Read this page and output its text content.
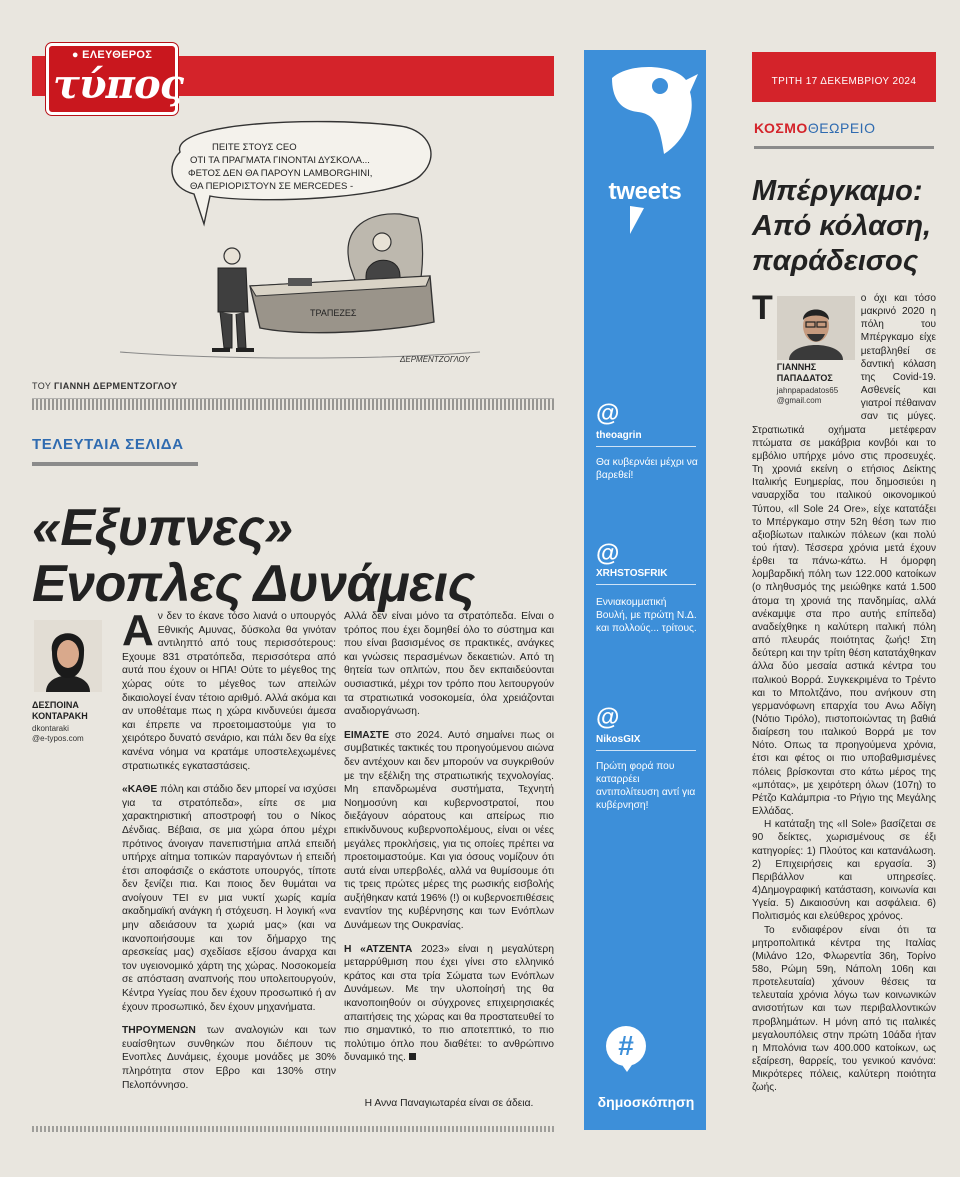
● ΕΛΕΥΘΕΡΟΣ
τύπος
ΠΕΙΤΕ ΣΤΟΥΣ CEO
ΟΤΙ ΤΑ ΠΡΑΓΜΑΤΑ ΓΙΝΟΝΤΑΙ ΔΥΣΚΟΛΑ...
ΦΕΤΟΣ ΔΕΝ ΘΑ ΠΑΡΟΥΝ LAMBORGHINI,
ΘΑ ΠΕΡΙΟΡΙΣΤΟΥΝ ΣΕ MERCEDES -
ΤΡΑΠΕΖΕΣ
ΔΕΡΜΕΝΤΖΟΓΛΟΥ
ΤΟΥ ΓΙΑΝΝΗ ΔΕΡΜΕΝΤΖΟΓΛΟΥ
ΤΕΛΕΥΤΑΙΑ ΣΕΛΙΔΑ
«Εξυπνες»
Ενοπλες Δυνάμεις
ΔΕΣΠΟΙΝΑ
ΚΟΝΤΑΡΑΚΗ
dkontaraki
@e-typos.com

Αν δεν το έκανε τόσο λιανά ο υπουργός Εθνικής Αμυνας, δύσκολα θα γινόταν αντιληπτό από τους περισσότερους: Εχουμε 831 στρατόπεδα, περισσότερα από αυτά που έχουν οι ΗΠΑ! Ούτε το μέγεθος της χώρας ούτε το μέγεθος των απειλών δικαιολογεί έναν τέτοιο αριθμό. Αλλά ακόμα και αν υποθέταμε πως η χώρα κινδυνεύει άμεσα και έπρεπε να προετοιμαστούμε για το χειρότερο δυνατό σενάριο, και πάλι δεν θα είχε κανένα νόημα να κρατάμε υποστελεχωμένες στρατιωτικές εγκαταστάσεις.

«ΚΑΘΕ πόλη και στάδιο δεν μπορεί να ισχύσει για τα στρατόπεδα», είπε σε μια χαρακτηριστική αποστροφή του ο Νίκος Δένδιας. Βέβαια, σε μια χώρα όπου μέχρι πρότινος άνοιγαν πανεπιστήμια απλά επειδή υπήρχε αίτημα τοπικών παραγόντων ή επειδή έτσι αποφάσιζε ο εκάστοτε υπουργός, τίποτε δεν ξενίζει πια. Και ποιος δεν θυμάται να ανοίγουν ΤΕΙ εν μια νυκτί χωρίς καμία ακαδημαϊκή ανάγκη ή στόχευση. Η λογική «να μην αδειάσουν τα χωριά μας» (και να ικανοποιήσουμε και τον δήμαρχο της αρεσκείας μας) σχεδίασε εξίσου άναρχα και τον υγειονομικό χάρτη της χώρας. Νοσοκομεία σε απόσταση αναπνοής που υπολειτουργούν, Κέντρα Υγείας που δεν έχουν προσωπικό ή αν έχουν προσωπικό, δεν έχουν μηχανήματα.

ΤΗΡΟΥΜΕΝΩΝ των αναλογιών και των ευαίσθητων συνθηκών που διέπουν τις Ενοπλες Δυνάμεις, έχουμε μονάδες με 30% πληρότητα στον Εβρο και 130% στην Πελοπόννησο.

Αλλά δεν είναι μόνο τα στρατόπεδα. Είναι ο τρόπος που έχει δομηθεί όλο το σύστημα και που είναι βασισμένος σε πρακτικές, ανάγκες και γνώσεις περασμένων δεκαετιών. Από τη θητεία των οπλιτών, που δεν εκπαιδεύονται ουσιαστικά, μέχρι τον τρόπο που λειτουργούν τα στρατιωτικά νοσοκομεία, όλα χρειάζονται αναδιοργάνωση.

ΕΙΜΑΣΤΕ στο 2024. Αυτό σημαίνει πως οι συμβατικές τακτικές του προηγούμενου αιώνα δεν αντέχουν και δεν μπορούν να συγκριθούν με την εξέλιξη της στρατιωτικής τεχνολογίας. Μη επανδρωμένα συστήματα, Τεχνητή Νοημοσύνη και κυβερνοστρατοί, που διεξάγουν αόρατους και απείρως πιο επικίνδυνους κυβερνοπολέμους, είναι οι νέες μεγάλες προκλήσεις, για τις οποίες πρέπει να προετοιμαστούμε. Και για όσους νομίζουν ότι αυτά είναι υπερβολές, αλλά να θυμίσουμε ότι τις τρεις πρώτες μέρες της ρωσικής εισβολής αυξήθηκαν κατά 196% (!) οι κυβερνοεπιθέσεις εναντίον της κυβέρνησης και των Ενόπλων Δυνάμεων της Ουκρανίας.

Η «ΑΤΖΕΝΤΑ 2023» είναι η μεγαλύτερη μεταρρύθμιση που έχει γίνει στο ελληνικό κράτος και στα τρία Σώματα των Ενόπλων Δυνάμεων. Με την υλοποίησή της θα ικανοποιηθούν οι σύγχρονες επιχειρησιακές απαιτήσεις της χώρας και θα προστατευθεί το πιο σημαντικό, το πιο αποτεπτικό, το πιο πολύτιμο όπλο που διαθέτει: το ανθρώπινο δυναμικό της.

Η Αννα Παναγιωταρέα είναι σε άδεια.
tweets
@
theoagrin
Θα κυβερνάει μέχρι να βαρεθεί!
@
XRHSTOSFRIK
Εννιακομματική Βουλή, με πρώτη Ν.Δ. και πολλούς... τρίτους.
@
NikosGIX
Πρώτη φορά που καταρρέει αντιπολίτευση αντί για κυβέρνηση!
#
δημοσκόπηση
ΤΡΙΤΗ 17 ΔΕΚΕΜΒΡΙΟΥ 2024
ΚΟΣΜΟΘΕΩΡΕΙΟ
Μπέργκαμο: Από κόλαση, παράδεισος

Τ
ΓΙΑΝΝΗΣ
ΠΑΠΑΔΑΤΟΣ
jahnpapadatos65
@gmail.com
ο όχι και τόσο μακρινό 2020 η πόλη του Μπέργκαμο είχε μεταβληθεί σε δαντική κόλαση της Covid-19. Ασθενείς και γιατροί πέθαιναν σαν τις μύγες. Στρατιωτικά οχήματα μετέφεραν πτώματα σε μακάβρια κονβόι και το εμβόλιο υπήρχε μόνο στις προσευχές. Τη χρονιά εκείνη ο ετήσιος Δείκτης Ιταλικής Ευημερίας, που δημοσιεύει η ναυαρχίδα του ιταλικού οικονομικού Τύπου, «Il Sole 24 Ore», είχε κατατάξει το Μπέργκαμο στην 52η θέση των πιο αξιοβίωτων ιταλικών πόλεων (και πολύ τού ήταν). Τέσσερα χρόνια μετά έχουν έρθει τα πάνω-κάτω. Η όμορφη λομβαρδική πόλη των 122.000 κατοίκων (ο πληθυσμός της μειώθηκε κατά 1.500 άτομα τη χρονιά της πανδημίας, αλλά ανέκαμψε στα προ αυτής επίπεδα) αναδείχθηκε η καλύτερη ιταλική πόλη από πλευράς ποιότητας ζωής! Στη δεύτερη και την τρίτη θέση κατατάχθηκαν άλλα δύο μεσαία αστικά κέντρα του ιταλικού Βορρά. Συγκεκριμένα το Τρέντο και το Μπολτζάνο, που ανήκουν στη γερμανόφωνη επαρχία του Ανω Αδίγη (Νότιο Τιρόλο), πιστοποιώντας τη βαθιά διαίρεση του ιταλικού Βορρά με τον Νότο. Οπως τα προηγούμενα χρόνια, έτσι και φέτος οι πιο υποβαθμισμένες πόλεις βρίσκονται στο κάτω μέρος της «μπότας», με χειρότερη όλων (107η) το Ρέτζο Καλάμπρια -το Ρήγιο της Μεγάλης Ελλάδας.

Η κατάταξη της «Il Sole» βασίζεται σε 90 δείκτες, χωρισμένους σε έξι κατηγορίες: 1) Πλούτος και κατανάλωση. 2) Επιχειρήσεις και εργασία. 3) Περιβάλλον και υπηρεσίες. 4)Δημογραφική κατάσταση, κοινωνία και Υγεία. 5) Δικαιοσύνη και ασφάλεια. 6) Πολιτισμός και ελεύθερος χρόνος.

Το ενδιαφέρον είναι ότι τα μητροπολιτικά κέντρα της Ιταλίας (Μιλάνο 12ο, Φλωρεντία 36η, Τορίνο 58ο, Ρώμη 59η, Νάπολη 106η και προτελευταία) χάνουν θέσεις τα τελευταία χρόνια λόγω των κοινωνικών ανισοτήτων και των περιβαλλοντικών προβλημάτων. Η μόνη από τις ιταλικές μεγαλουπόλεις στην πρώτη 10άδα ήταν η Μπολόνια των 400.000 κατοίκων, ως εξαίρεση, θαρρείς, του γενικού κανόνα: Μικρότερες πόλεις, καλύτερη ποιότητα ζωής.
